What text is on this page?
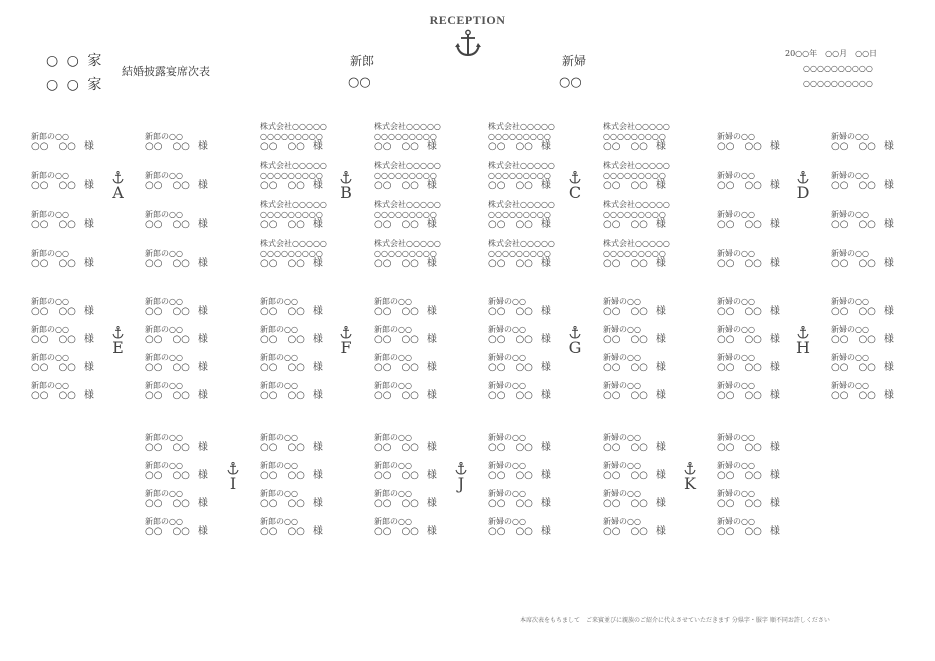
RECEPTION
○ ○ 家
○ ○ 家
結婚披露宴席次表
新郎
○○
新婦
○○
20○○年　○○月　○○日
○○○○○○○○○○
○○○○○○○○○○
A
新郎の○○
○○　○○ 様
新郎の○○
○○　○○ 様
新郎の○○
○○　○○ 様
新郎の○○
○○　○○ 様
新郎の○○
○○　○○ 様
新郎の○○
○○　○○ 様
新郎の○○
○○　○○ 様
新郎の○○
○○　○○ 様
B
株式会社○○○○○
○○○○○○○○○
○○　○○ 様
株式会社○○○○○
○○○○○○○○○
○○　○○ 様
株式会社○○○○○
○○○○○○○○○
○○　○○ 様
株式会社○○○○○
○○○○○○○○○
○○　○○ 様
株式会社○○○○○
○○○○○○○○○
○○　○○ 様
株式会社○○○○○
○○○○○○○○○
○○　○○ 様
株式会社○○○○○
○○○○○○○○○
○○　○○ 様
株式会社○○○○○
○○○○○○○○○
○○　○○ 様
C
株式会社○○○○○
○○○○○○○○○
○○　○○ 様
株式会社○○○○○
○○○○○○○○○
○○　○○ 様
株式会社○○○○○
○○○○○○○○○
○○　○○ 様
株式会社○○○○○
○○○○○○○○○
○○　○○ 様
株式会社○○○○○
○○○○○○○○○
○○　○○ 様
株式会社○○○○○
○○○○○○○○○
○○　○○ 様
株式会社○○○○○
○○○○○○○○○
○○　○○ 様
株式会社○○○○○
○○○○○○○○○
○○　○○ 様
D
新婦の○○
○○　○○ 様
新婦の○○
○○　○○ 様
新婦の○○
○○　○○ 様
新婦の○○
○○　○○ 様
新婦の○○
○○　○○ 様
新婦の○○
○○　○○ 様
新婦の○○
○○　○○ 様
新婦の○○
○○　○○ 様
E
新郎の○○
○○　○○ 様
新郎の○○
○○　○○ 様
新郎の○○
○○　○○ 様
新郎の○○
○○　○○ 様
新郎の○○
○○　○○ 様
新郎の○○
○○　○○ 様
新郎の○○
○○　○○ 様
新郎の○○
○○　○○ 様
F
新郎の○○
○○　○○ 様
新郎の○○
○○　○○ 様
新郎の○○
○○　○○ 様
新郎の○○
○○　○○ 様
新郎の○○
○○　○○ 様
新郎の○○
○○　○○ 様
新郎の○○
○○　○○ 様
新郎の○○
○○　○○ 様
G
新婦の○○
○○　○○ 様
新婦の○○
○○　○○ 様
新婦の○○
○○　○○ 様
新婦の○○
○○　○○ 様
新婦の○○
○○　○○ 様
新婦の○○
○○　○○ 様
新婦の○○
○○　○○ 様
新婦の○○
○○　○○ 様
H
新婦の○○
○○　○○ 様
新婦の○○
○○　○○ 様
新婦の○○
○○　○○ 様
新婦の○○
○○　○○ 様
新婦の○○
○○　○○ 様
新婦の○○
○○　○○ 様
新婦の○○
○○　○○ 様
新婦の○○
○○　○○ 様
I
新郎の○○
○○　○○ 様
新郎の○○
○○　○○ 様
新郎の○○
○○　○○ 様
新郎の○○
○○　○○ 様
新郎の○○
○○　○○ 様
新郎の○○
○○　○○ 様
新郎の○○
○○　○○ 様
新郎の○○
○○　○○ 様
J
新郎の○○
○○　○○ 様
新郎の○○
○○　○○ 様
新郎の○○
○○　○○ 様
新郎の○○
○○　○○ 様
新婦の○○
○○　○○ 様
新婦の○○
○○　○○ 様
新婦の○○
○○　○○ 様
新婦の○○
○○　○○ 様
K
新婦の○○
○○　○○ 様
新婦の○○
○○　○○ 様
新婦の○○
○○　○○ 様
新婦の○○
○○　○○ 様
新婦の○○
○○　○○ 様
新婦の○○
○○　○○ 様
新婦の○○
○○　○○ 様
新婦の○○
○○　○○ 様
本席次表をもちまして　ご来賓並びに親族のご紹介に代えさせていただきます 分県字・服字 順不同お許しください
